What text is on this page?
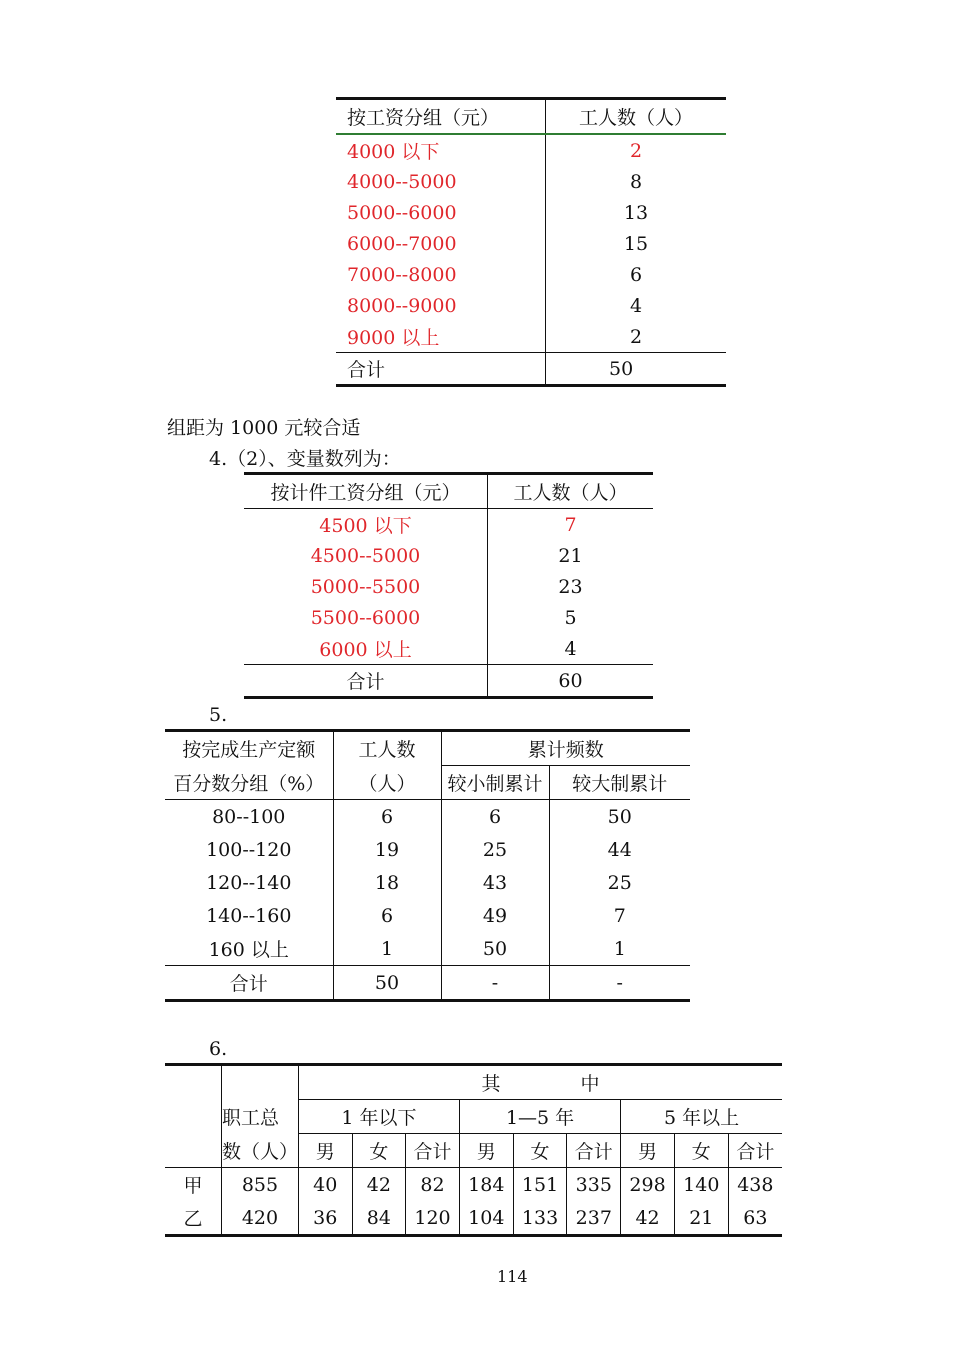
按工资分组（元）	工人数（人）
4000 以下	2
4000--5000	8
5000--6000	13
6000--7000	15
7000--8000	6
8000--9000	4
9000 以上	2
合计	50
组距为 1000 元较合适
4.（2）、变量数列为：
按计件工资分组（元）	工人数（人）
4500 以下	7
4500--5000	21
5000--5500	23
5500--6000	5
6000 以上	4
合计	60
5.
按完成生产定额	工人数	累计频数	
百分数分组（%）	（人）	较小制累计	较大制累计
80--100	6	6	50
100--120	19	25	44
120--140	18	43	25
140--160	6	49	7
160 以上	1	50	1
合计	50	-	-
6.
		其 中								
	职工总	1 年以下			1—5 年			5 年以上		
	数（人）	男	女	合计	男	女	合计	男	女	合计
甲	855	40	42	82	184	151	335	298	140	438
乙	420	36	84	120	104	133	237	42	21	63
114
